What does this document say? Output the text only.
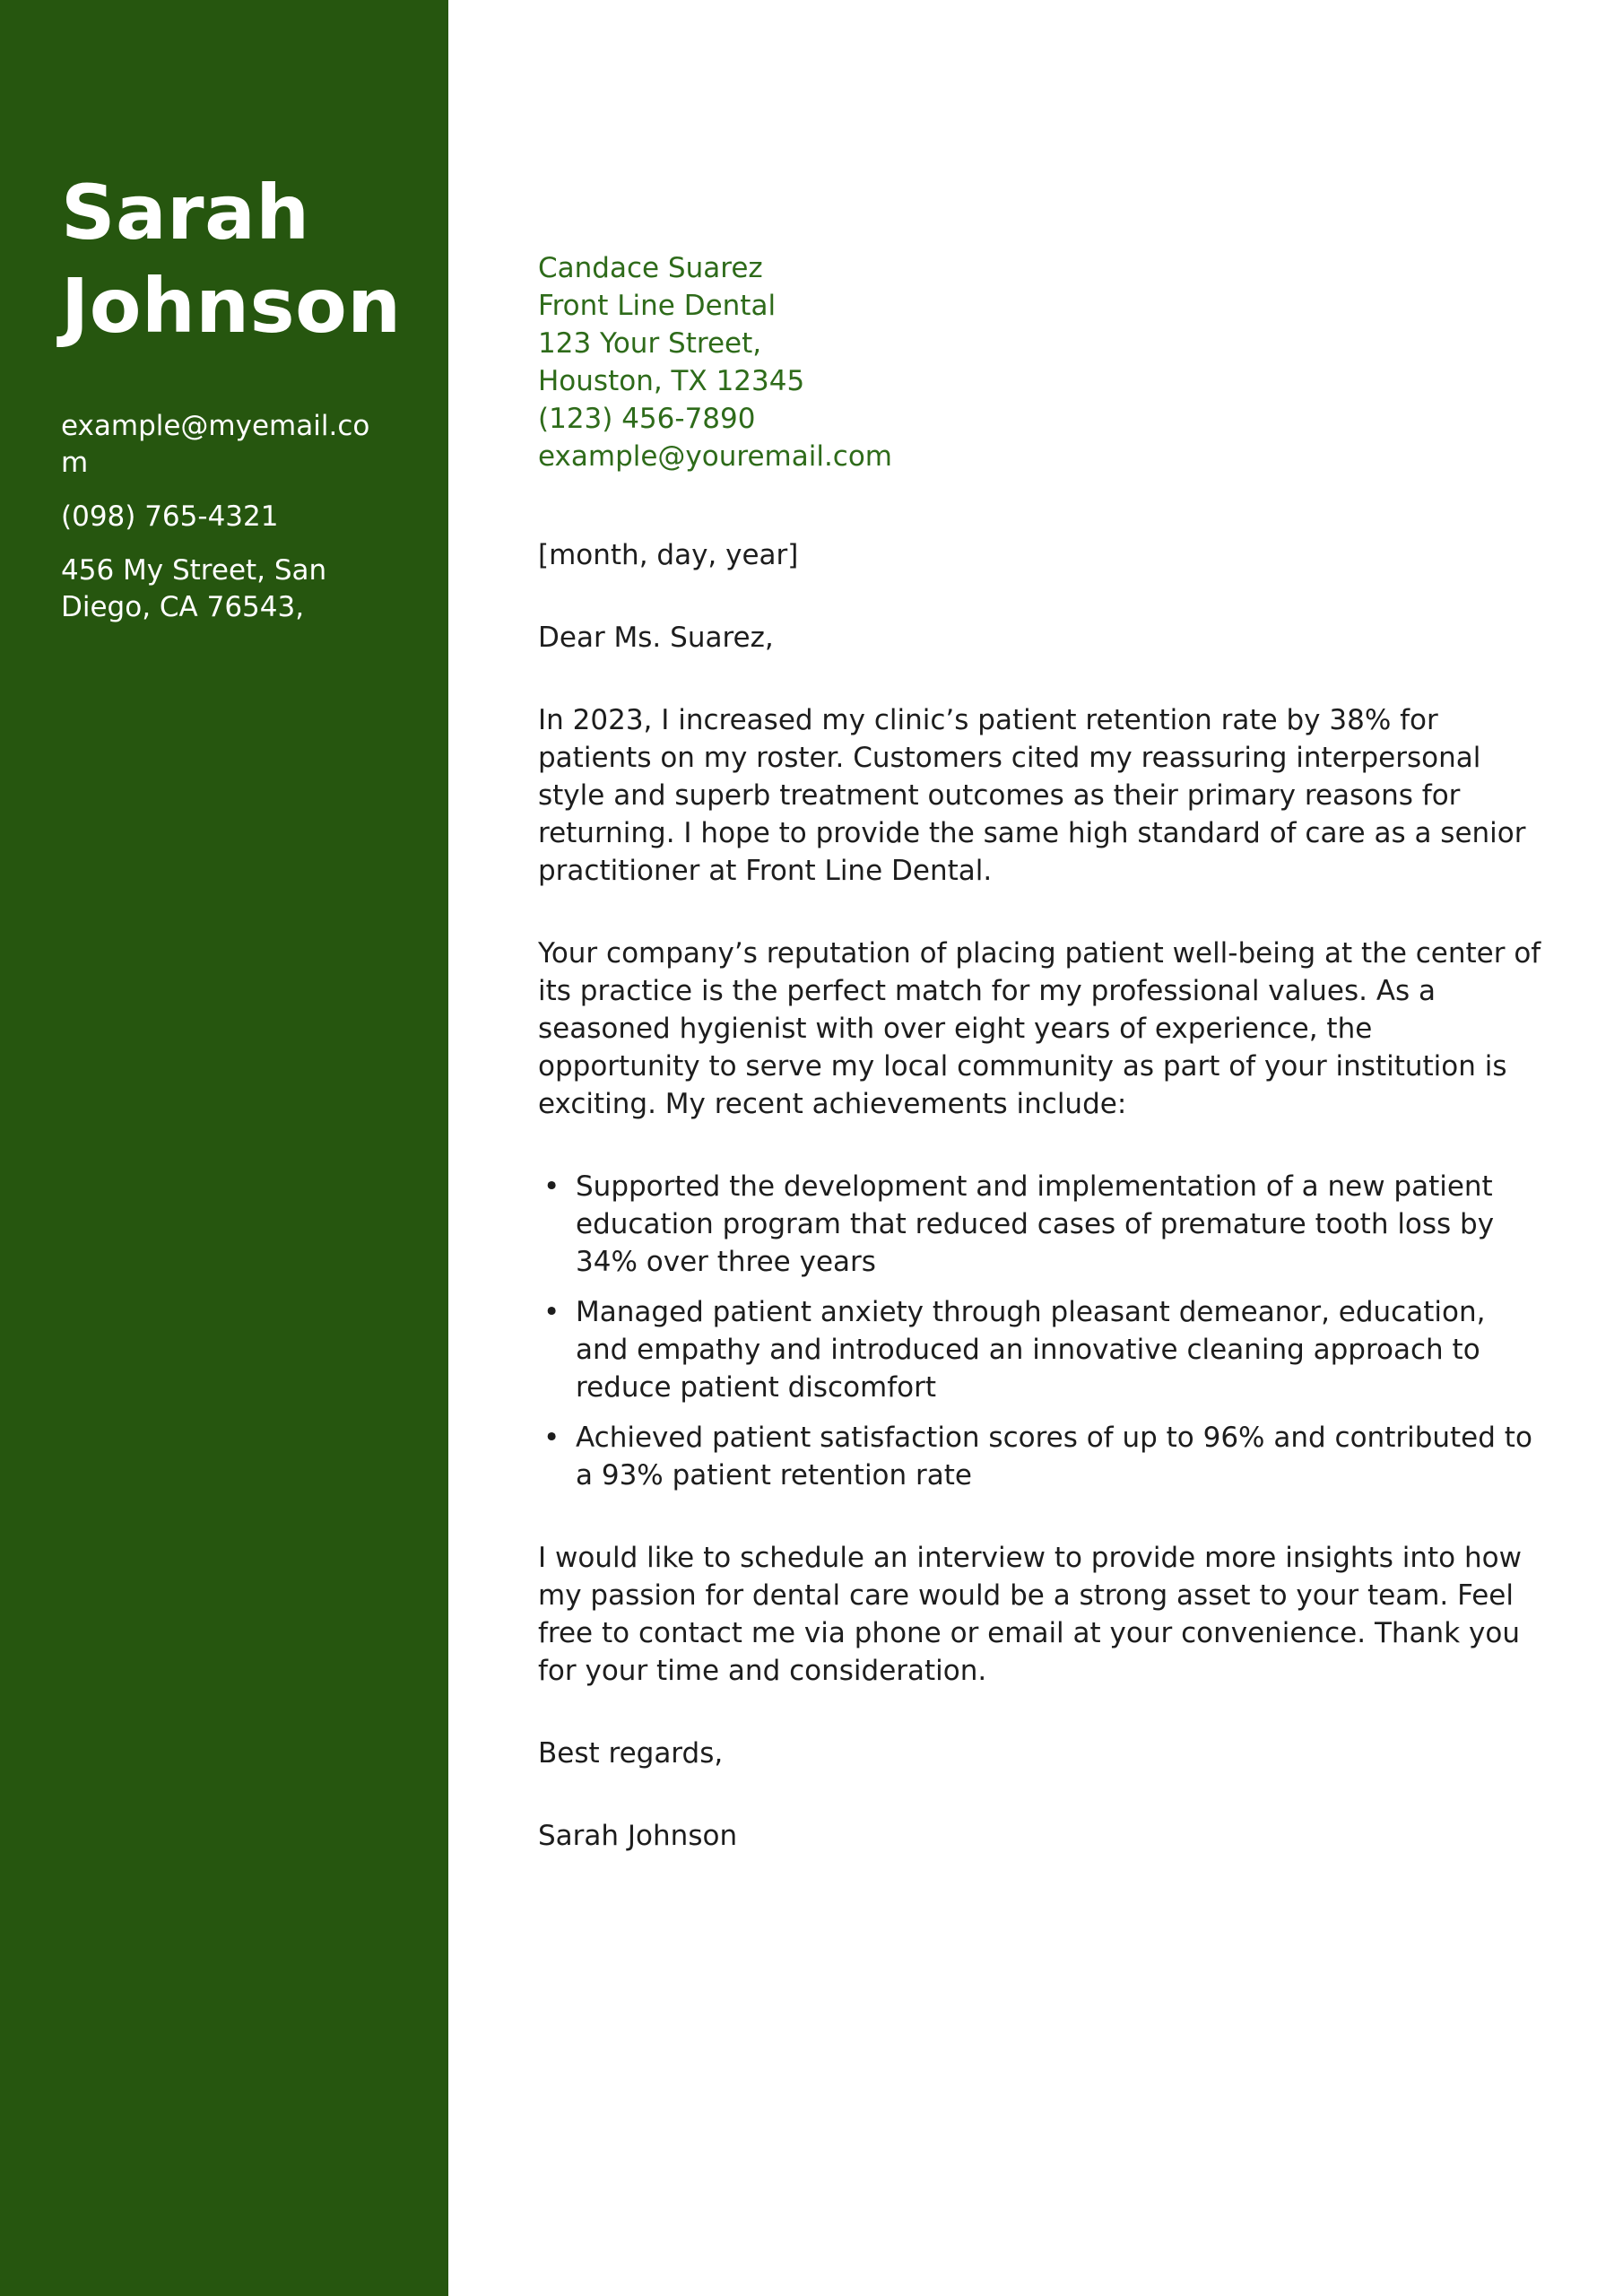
Sarah
Johnson

example@myemail.com

(098) 765-4321

456 My Street, San Diego, CA 76543,

Candace Suarez

Front Line Dental

123 Your Street,

Houston, TX 12345

(123) 456-7890

example@youremail.com

[month, day, year]
Dear Ms. Suarez,
In 2023, I increased my clinic’s patient retention rate by 38% for patients on my roster. Customers cited my reassuring interpersonal style and superb treatment outcomes as their primary reasons for returning. I hope to provide the same high standard of care as a senior practitioner at Front Line Dental.
Your company’s reputation of placing patient well-being at the center of its practice is the perfect match for my professional values. As a seasoned hygienist with over eight years of experience, the opportunity to serve my local community as part of your institution is exciting. My recent achievements include:
• Supported the development and implementation of a new patient education program that reduced cases of premature tooth loss by 34% over three years
• Managed patient anxiety through pleasant demeanor, education, and empathy and introduced an innovative cleaning approach to reduce patient discomfort
• Achieved patient satisfaction scores of up to 96% and contributed to a 93% patient retention rate
I would like to schedule an interview to provide more insights into how my passion for dental care would be a strong asset to your team. Feel free to contact me via phone or email at your convenience. Thank you for your time and consideration.
Best regards,
Sarah Johnson
